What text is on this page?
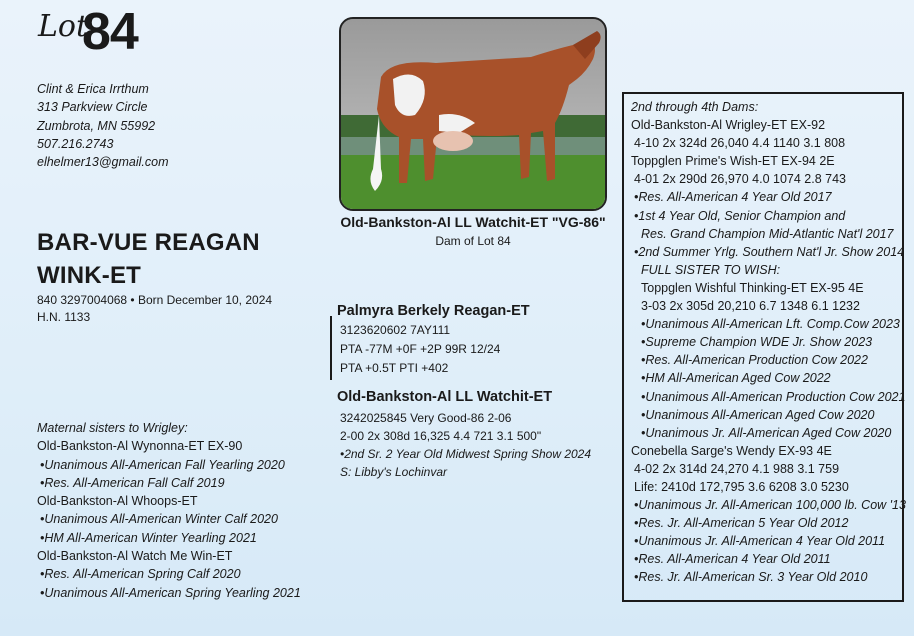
Lot
84
Clint & Erica Irrthum
313 Parkview Circle
Zumbrota, MN 55992
507.216.2743
elhelmer13@gmail.com
BAR-VUE REAGAN
WINK-ET
840 3297004068 • Born December 10, 2024
H.N. 1133
Old-Bankston-Al LL Watchit-ET "VG-86"
Dam of Lot 84
Palmyra Berkely Reagan-ET
3123620602 7AY111
PTA -77M +0F +2P 99R 12/24
PTA +0.5T PTI +402
Old-Bankston-Al LL Watchit-ET
3242025845 Very Good-86 2-06
2-00 2x 308d 16,325 4.4 721 3.1 500"
•2nd Sr. 2 Year Old Midwest Spring Show 2024
S: Libby's Lochinvar
Maternal sisters to Wrigley:
Old-Bankston-Al Wynonna-ET EX-90
•Unanimous All-American Fall Yearling 2020
•Res. All-American Fall Calf 2019
Old-Bankston-Al Whoops-ET
•Unanimous All-American Winter Calf 2020
•HM All-American Winter Yearling 2021
Old-Bankston-Al Watch Me Win-ET
•Res. All-American Spring Calf 2020
•Unanimous All-American Spring Yearling 2021
2nd through 4th Dams:
Old-Bankston-Al Wrigley-ET EX-92
4-10 2x 324d 26,040 4.4 1140 3.1 808
Toppglen Prime's Wish-ET EX-94 2E
4-01 2x 290d 26,970 4.0 1074 2.8 743
•Res. All-American 4 Year Old 2017
•1st 4 Year Old, Senior Champion and
Res. Grand Champion Mid-Atlantic Nat'l 2017
•2nd Summer Yrlg. Southern Nat'l Jr. Show 2014
FULL SISTER TO WISH:
Toppglen Wishful Thinking-ET EX-95 4E
3-03 2x 305d 20,210 6.7 1348 6.1 1232
•Unanimous All-American Lft. Comp.Cow 2023
•Supreme Champion WDE Jr. Show 2023
•Res. All-American Production Cow 2022
•HM All-American Aged Cow 2022
•Unanimous All-American Production Cow 2021
•Unanimous All-American Aged Cow 2020
•Unanimous Jr. All-American Aged Cow 2020
Conebella Sarge's Wendy EX-93 4E
4-02 2x 314d 24,270 4.1 988 3.1 759
Life: 2410d 172,795 3.6 6208 3.0 5230
•Unanimous Jr. All-American 100,000 lb. Cow '13
•Res. Jr. All-American 5 Year Old 2012
•Unanimous Jr. All-American 4 Year Old 2011
•Res. All-American 4 Year Old 2011
•Res. Jr. All-American Sr. 3 Year Old 2010
